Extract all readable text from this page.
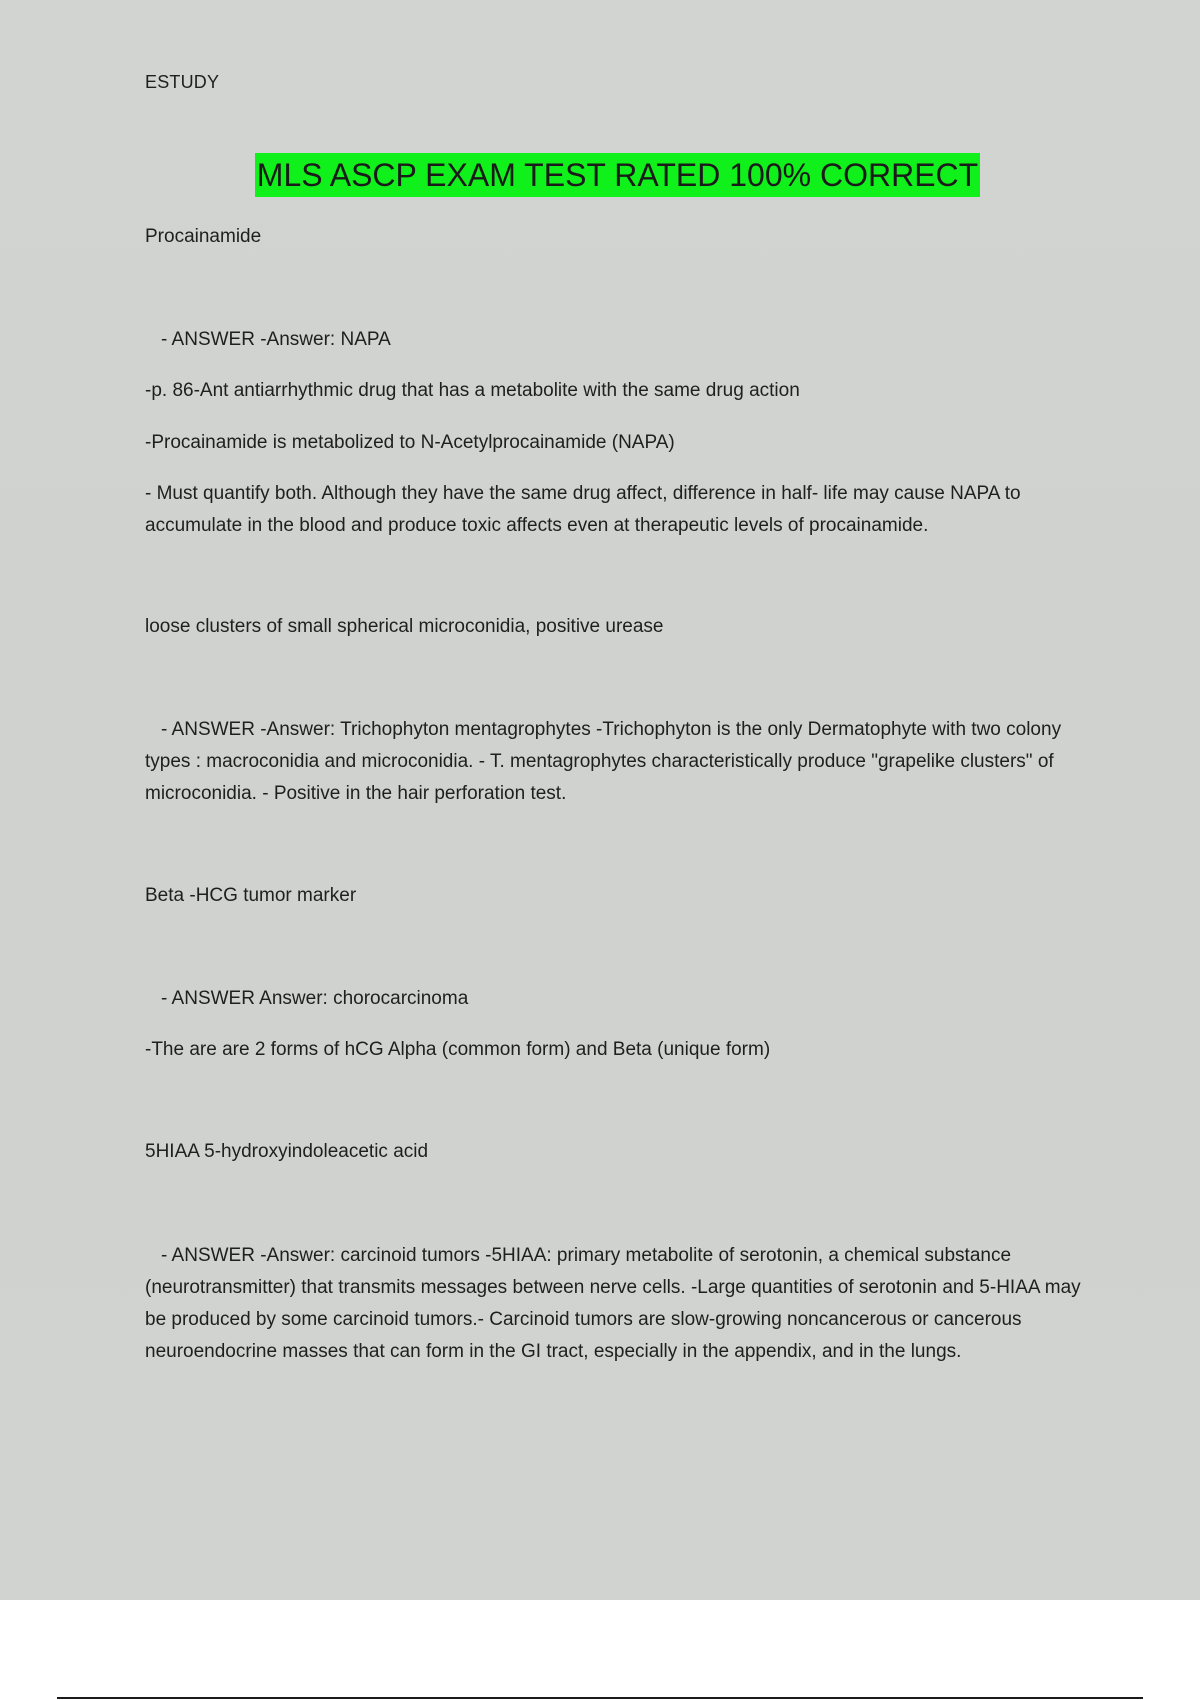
ESTUDY
MLS ASCP EXAM TEST RATED 100% CORRECT

Procainamide

- ANSWER -Answer: NAPA

-p. 86-Ant antiarrhythmic drug that has a metabolite with the same drug action

-Procainamide is metabolized to N-Acetylprocainamide (NAPA)

- Must quantify both. Although they have the same drug affect, difference in half- life may cause NAPA to accumulate in the blood and produce toxic affects even at therapeutic levels of procainamide.

loose clusters of small spherical microconidia, positive urease

- ANSWER -Answer: Trichophyton mentagrophytes -Trichophyton is the only Dermatophyte with two colony types : macroconidia and microconidia. - T. mentagrophytes characteristically produce "grapelike clusters" of microconidia. - Positive in the hair perforation test.

Beta -HCG tumor marker

- ANSWER Answer: chorocarcinoma

-The are are 2 forms of hCG Alpha (common form) and Beta (unique form)

5HIAA 5-hydroxyindoleacetic acid

- ANSWER -Answer: carcinoid tumors -5HIAA: primary metabolite of serotonin, a chemical substance (neurotransmitter) that transmits messages between nerve cells. -Large quantities of serotonin and 5-HIAA may be produced by some carcinoid tumors.- Carcinoid tumors are slow-growing noncancerous or cancerous neuroendocrine masses that can form in the GI tract, especially in the appendix, and in the lungs.
